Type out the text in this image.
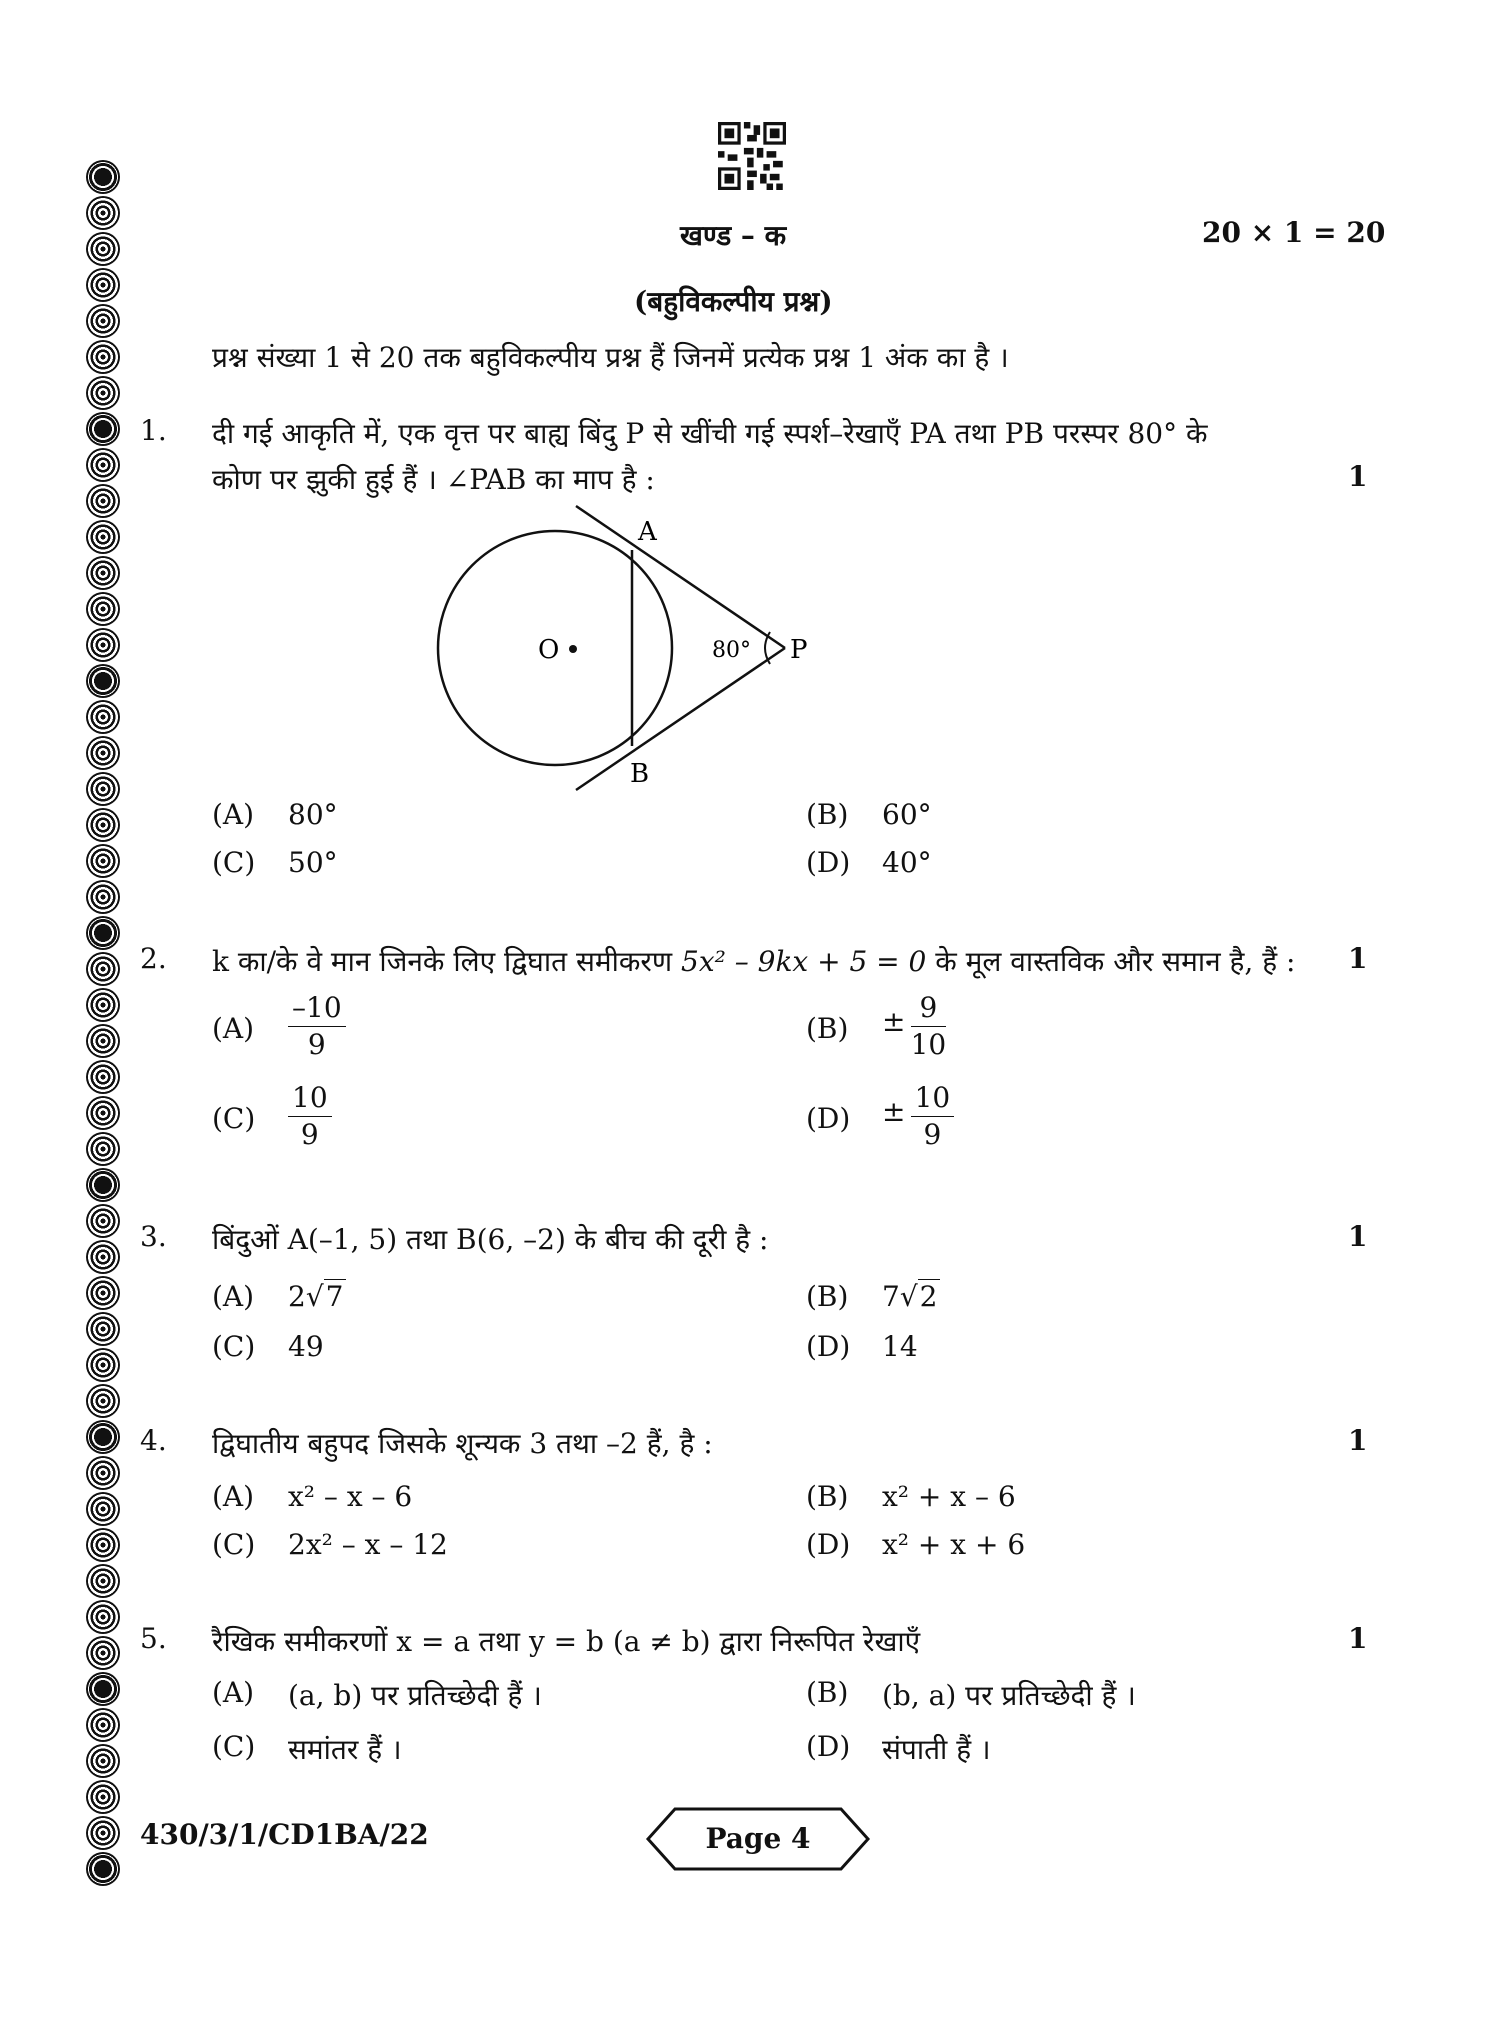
खण्ड – क	20 × 1 = 20
(बहुविकल्पीय प्रश्न)
प्रश्न संख्या 1 से 20 तक बहुविकल्पीय प्रश्न हैं जिनमें प्रत्येक प्रश्न 1 अंक का है ।
1. दी गई आकृति में, एक वृत्त पर बाह्य बिंदु P से खींची गई स्पर्श–रेखाएँ PA तथा PB परस्पर 80° के
कोण पर झुकी हुई हैं । ∠PAB का माप है :	1
A
B
O	P
80°
(A) 80°	(B) 60°
(C) 50°	(D) 40°
2. k का/के वे मान जिनके लिए द्विघात समीकरण 5x² – 9kx + 5 = 0 के मूल वास्तविक और समान है, हैं : 1
$(A) \frac{-10}{9}$	$(B) \pm \frac{9}{10}$
$(C) \frac{10}{9}$	$(D) \pm \frac{10}{9}$
3. बिंदुओं A(–1, 5) तथा B(6, –2) के बीच की दूरी है :	1
(A) 2√7	(B) 7√2
(C) 49	(D) 14
4. द्विघातीय बहुपद जिसके शून्यक 3 तथा –2 हैं, है :	1
(A) x² – x – 6	(B) x² + x – 6
(C) 2x² – x – 12	(D) x² + x + 6
5. रैखिक समीकरणों x = a तथा y = b (a ≠ b) द्वारा निरूपित रेखाएँ	1
(A) (a, b) पर प्रतिच्छेदी हैं ।	(B) (b, a) पर प्रतिच्छेदी हैं ।
(C) समांतर हैं ।	(D) संपाती हैं ।
430/3/1/CD1BA/22	Page 4
